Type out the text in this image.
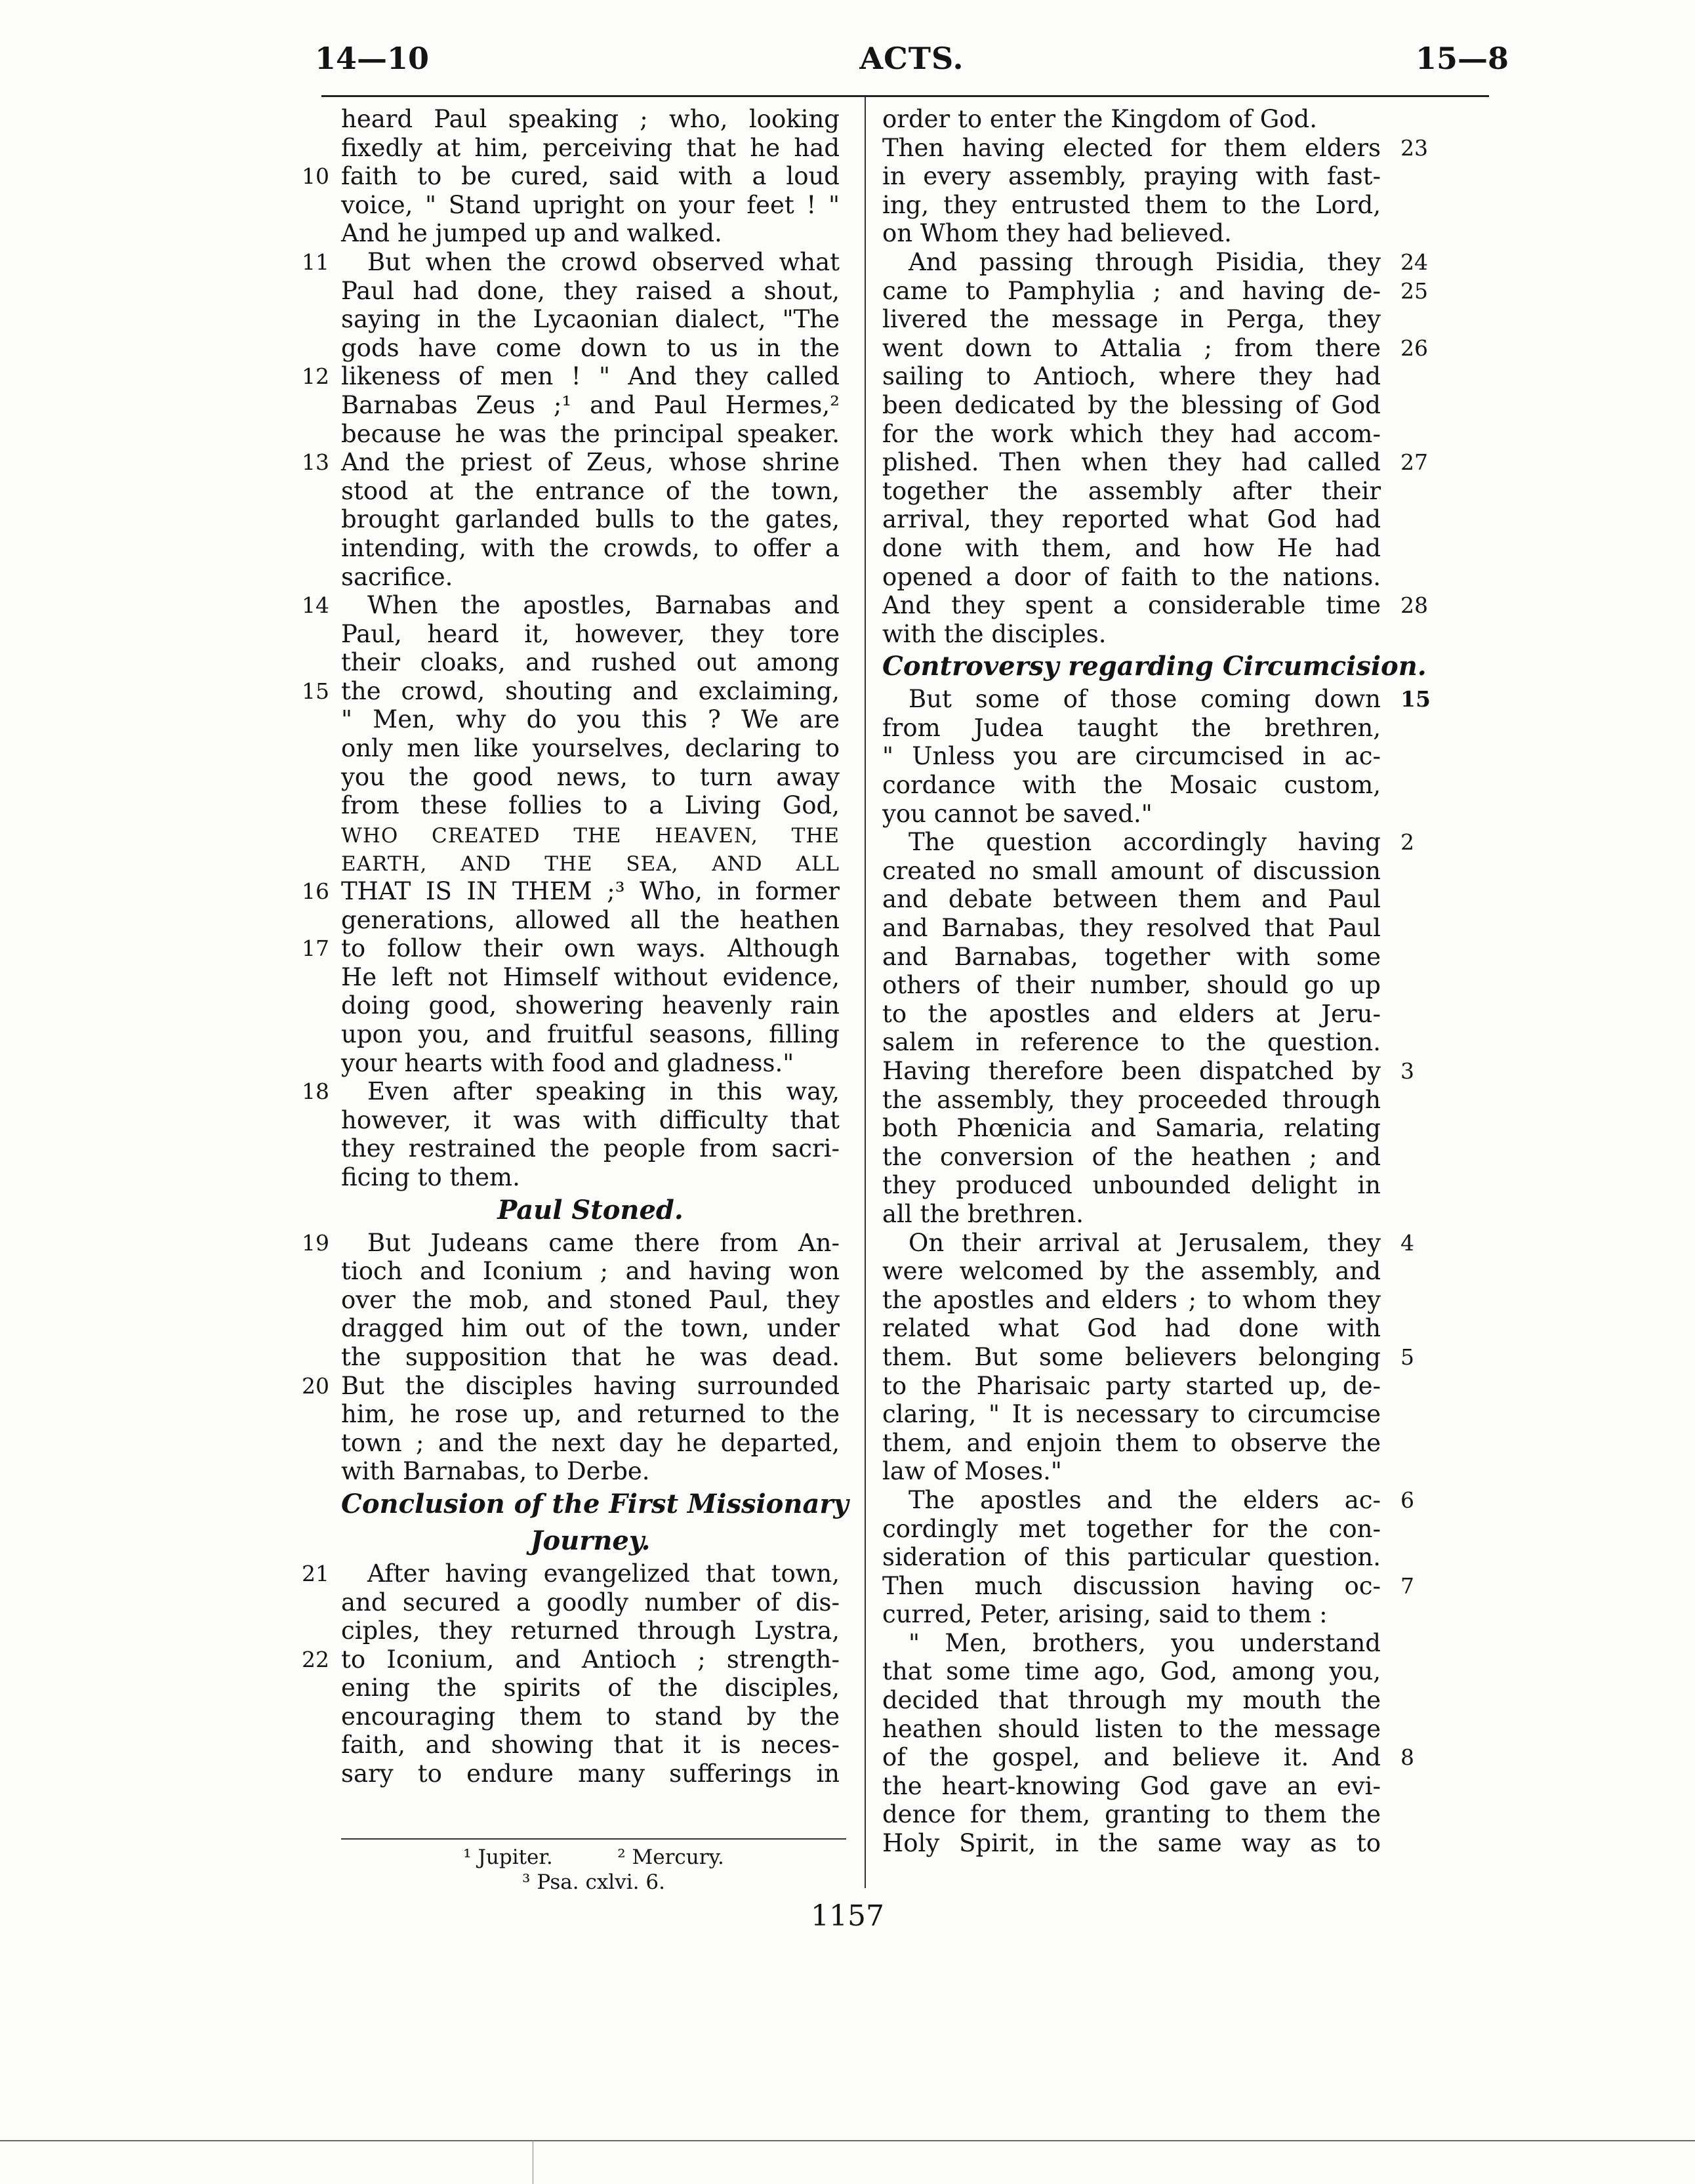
14—10	ACTS.	15—8
heard Paul speaking ; who, looking
fixedly at him, perceiving that he had
faith to be cured, said with a loud
10
voice, " Stand upright on your feet ! "
And he jumped up and walked.
But when the crowd observed what
11
Paul had done, they raised a shout,
saying in the Lycaonian dialect, "The
gods have come down to us in the
likeness of men ! " And they called
12
Barnabas Zeus ;¹ and Paul Hermes,²
because he was the principal speaker.
And the priest of Zeus, whose shrine
13
stood at the entrance of the town,
brought garlanded bulls to the gates,
intending, with the crowds, to offer a
sacrifice.
When the apostles, Barnabas and
14
Paul, heard it, however, they tore
their cloaks, and rushed out among
the crowd, shouting and exclaiming,
15
" Men, why do you this ? We are
only men like yourselves, declaring to
you the good news, to turn away
from these follies to a Living God,
WHO CREATED THE HEAVEN, THE
EARTH, AND THE SEA, AND ALL
THAT IS IN THEM ;³ Who, in former
16
generations, allowed all the heathen
to follow their own ways. Although
17
He left not Himself without evidence,
doing good, showering heavenly rain
upon you, and fruitful seasons, filling
your hearts with food and gladness."
Even after speaking in this way,
18
however, it was with difficulty that
they restrained the people from sacri-
ficing to them.
Paul Stoned.
But Judeans came there from An-
19
tioch and Iconium ; and having won
over the mob, and stoned Paul, they
dragged him out of the town, under
the supposition that he was dead.
But the disciples having surrounded
20
him, he rose up, and returned to the
town ; and the next day he departed,
with Barnabas, to Derbe.
Conclusion of the First Missionary
Journey.
After having evangelized that town,
21
and secured a goodly number of dis-
ciples, they returned through Lystra,
to Iconium, and Antioch ; strength-
22
ening the spirits of the disciples,
encouraging them to stand by the
faith, and showing that it is neces-
sary to endure many sufferings in
order to enter the Kingdom of God.
Then having elected for them elders 23
in every assembly, praying with fast-
ing, they entrusted them to the Lord,
on Whom they had believed.
And passing through Pisidia, they 24
came to Pamphylia ; and having de- 25
livered the message in Perga, they
went down to Attalia ; from there 26
sailing to Antioch, where they had
been dedicated by the blessing of God
for the work which they had accom-
plished. Then when they had called 27
together the assembly after their
arrival, they reported what God had
done with them, and how He had
opened a door of faith to the nations.
And they spent a considerable time 28
with the disciples.
Controversy regarding Circumcision.
But some of those coming down 15
from Judea taught the brethren,
" Unless you are circumcised in ac-
cordance with the Mosaic custom,
you cannot be saved."
The question accordingly having 2
created no small amount of discussion
and debate between them and Paul
and Barnabas, they resolved that Paul
and Barnabas, together with some
others of their number, should go up
to the apostles and elders at Jeru-
salem in reference to the question.
Having therefore been dispatched by 3
the assembly, they proceeded through
both Phœnicia and Samaria, relating
the conversion of the heathen ; and
they produced unbounded delight in
all the brethren.
On their arrival at Jerusalem, they 4
were welcomed by the assembly, and
the apostles and elders ; to whom they
related what God had done with
them. But some believers belonging 5
to the Pharisaic party started up, de-
claring, " It is necessary to circumcise
them, and enjoin them to observe the
law of Moses."
The apostles and the elders ac- 6
cordingly met together for the con-
sideration of this particular question.
Then much discussion having oc- 7
curred, Peter, arising, said to them :
" Men, brothers, you understand
that some time ago, God, among you,
decided that through my mouth the
heathen should listen to the message
of the gospel, and believe it. And 8
the heart-knowing God gave an evi-
dence for them, granting to them the
Holy Spirit, in the same way as to
¹ Jupiter.          ² Mercury.
³ Psa. cxlvi. 6.
1157
